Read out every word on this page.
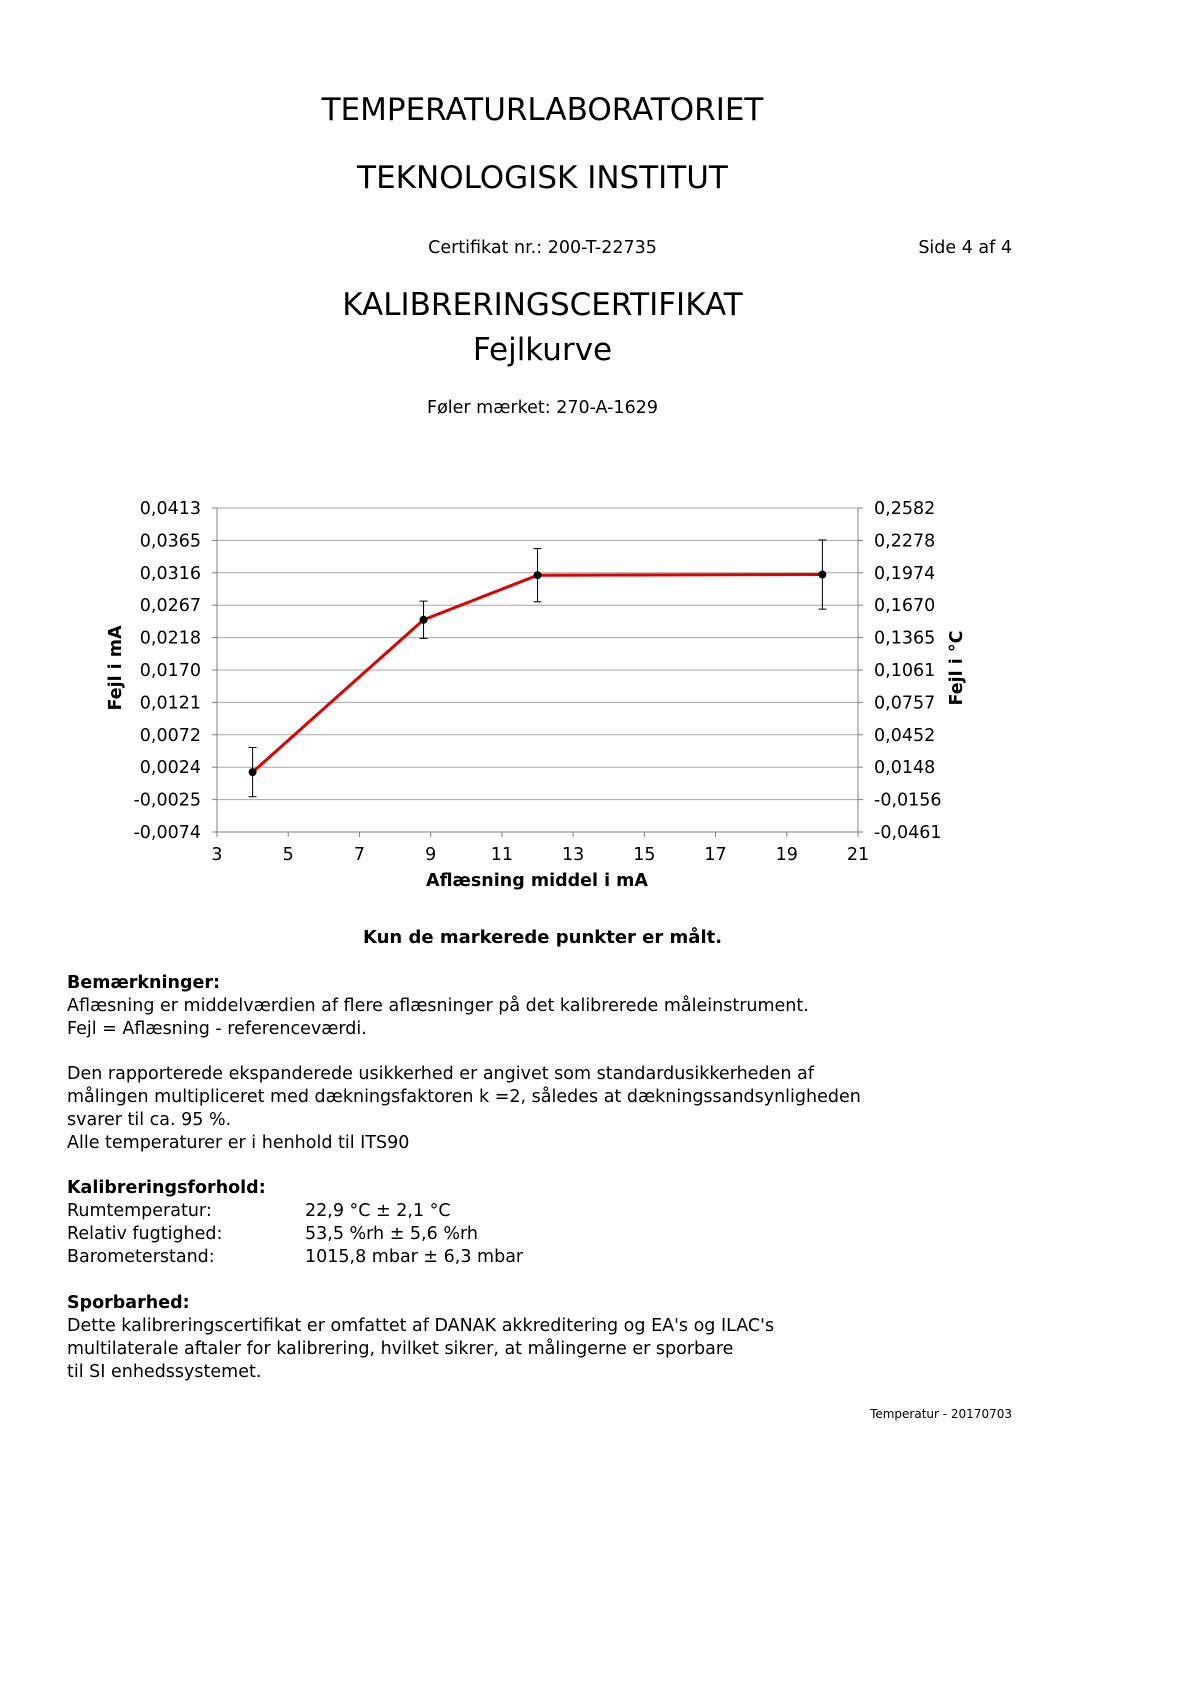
TEMPERATURLABORATORIET
TEKNOLOGISK INSTITUT
Certifikat nr.: 200-T-22735	Side 4 af 4
KALIBRERINGSCERTIFIKAT
Fejlkurve
Føler mærket: 270-A-1629
-0,0074	-0,0461
-0,0025	-0,0156
0,0024	0,0148
0,0072	0,0452
0,0121	0,0757
0,0170	0,1061
0,0218	0,1365
0,0267	0,1670
0,0316	0,1974
0,0365	0,2278
0,0413	0,2582
3	5	7	9	11	13	15	17	19	21
Aflæsning middel i mA
Fejl i mA	Fejl i °C
Kun de markerede punkter er målt.
Bemærkninger:
Aflæsning er middelværdien af flere aflæsninger på det kalibrerede måleinstrument.
Fejl = Aflæsning - referenceværdi.
Den rapporterede ekspanderede usikkerhed er angivet som standardusikkerheden af
målingen multipliceret med dækningsfaktoren k =2, således at dækningssandsynligheden
svarer til ca. 95 %.
Alle temperaturer er i henhold til ITS90
Kalibreringsforhold:
Rumtemperatur:	22,9 °C ± 2,1 °C
Relativ fugtighed:	53,5 %rh ± 5,6 %rh
Barometerstand:	1015,8 mbar ± 6,3 mbar
Sporbarhed:
Dette kalibreringscertifikat er omfattet af DANAK akkreditering og EA's og ILAC's
multilaterale aftaler for kalibrering, hvilket sikrer, at målingerne er sporbare
til SI enhedssystemet.
Temperatur - 20170703
